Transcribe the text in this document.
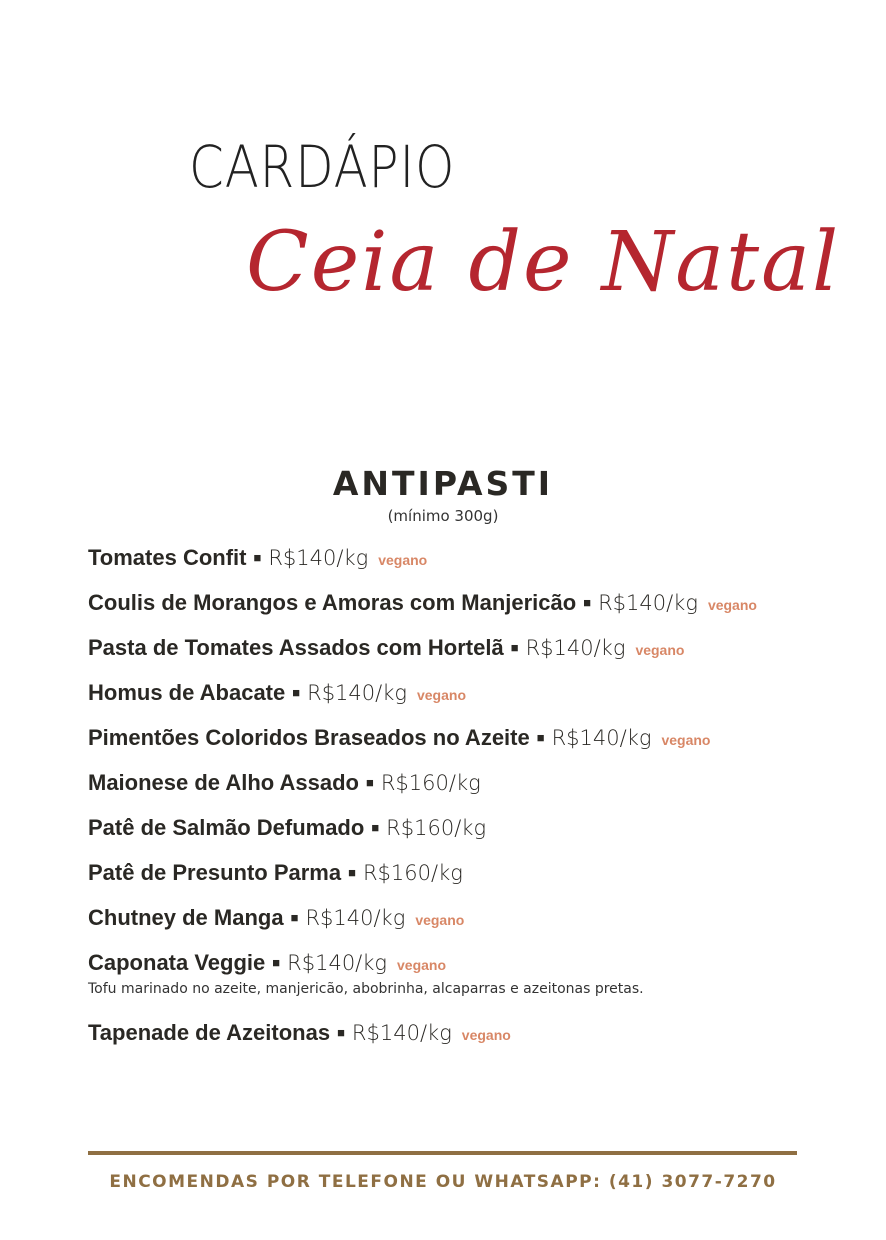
CARDÁPIO
Ceia de Natal
ANTIPASTI
(mínimo 300g)
Tomates Confit ■ R$140/kg vegano
Coulis de Morangos e Amoras com Manjericão ■ R$140/kg vegano
Pasta de Tomates Assados com Hortelã ■ R$140/kg vegano
Homus de Abacate ■ R$140/kg vegano
Pimentões Coloridos Braseados no Azeite ■ R$140/kg vegano
Maionese de Alho Assado ■ R$160/kg
Patê de Salmão Defumado ■ R$160/kg
Patê de Presunto Parma ■ R$160/kg
Chutney de Manga ■ R$140/kg vegano
Caponata Veggie ■ R$140/kg vegano
Tofu marinado no azeite, manjericão, abobrinha, alcaparras e azeitonas pretas.
Tapenade de Azeitonas ■ R$140/kg vegano
ENCOMENDAS POR TELEFONE OU WHATSAPP: (41) 3077-7270
